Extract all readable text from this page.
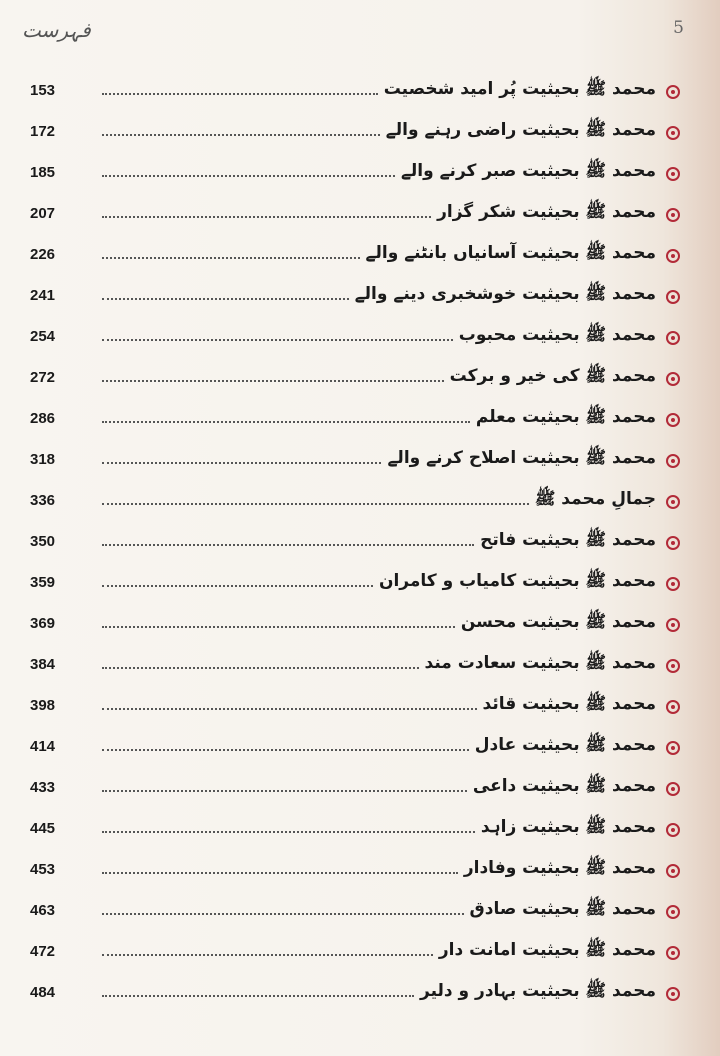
فہرست	5
153	محمد ﷺ بحیثیت پُر امید شخصیت
172	محمد ﷺ بحیثیت راضی رہنے والے
185	محمد ﷺ بحیثیت صبر کرنے والے
207	محمد ﷺ بحیثیت شکر گزار
226	محمد ﷺ بحیثیت آسانیاں بانٹنے والے
241	محمد ﷺ بحیثیت خوشخبری دینے والے
254	محمد ﷺ بحیثیت محبوب
272	محمد ﷺ کی خیر و برکت
286	محمد ﷺ بحیثیت معلم
318	محمد ﷺ بحیثیت اصلاح کرنے والے
336	جمالِ محمد ﷺ
350	محمد ﷺ بحیثیت فاتح
359	محمد ﷺ بحیثیت کامیاب و کامران
369	محمد ﷺ بحیثیت محسن
384	محمد ﷺ بحیثیت سعادت مند
398	محمد ﷺ بحیثیت قائد
414	محمد ﷺ بحیثیت عادل
433	محمد ﷺ بحیثیت داعی
445	محمد ﷺ بحیثیت زاہد
453	محمد ﷺ بحیثیت وفادار
463	محمد ﷺ بحیثیت صادق
472	محمد ﷺ بحیثیت امانت دار
484	محمد ﷺ بحیثیت بہادر و دلیر
